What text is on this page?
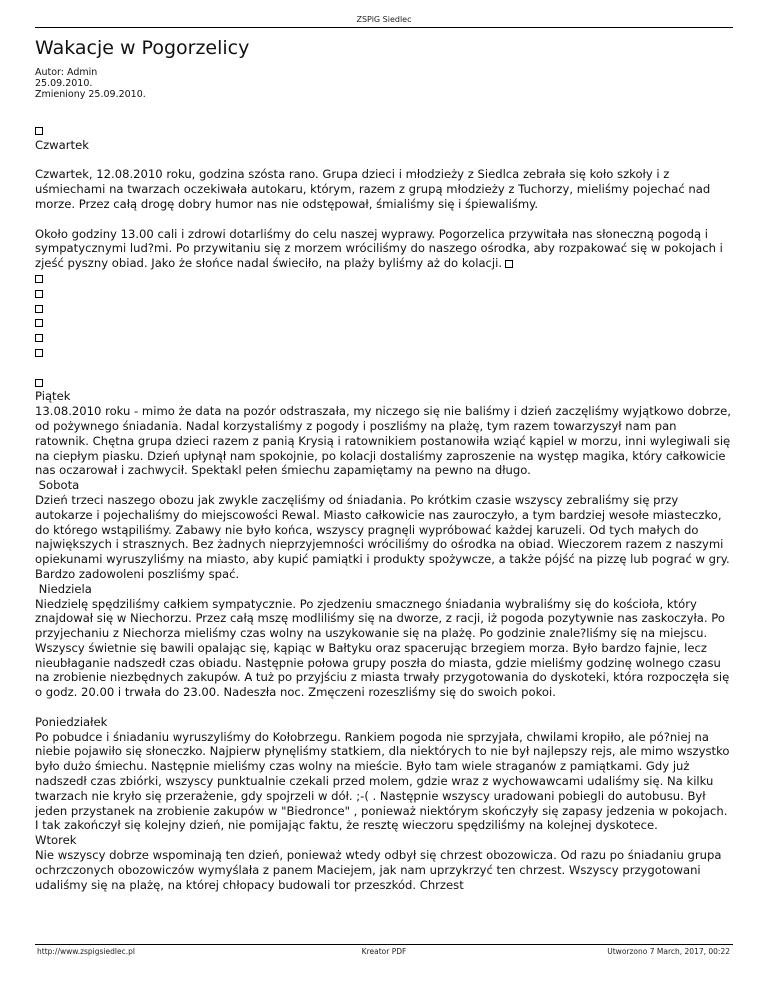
ZSPiG Siedlec
Wakacje w Pogorzelicy
Autor: Admin
25.09.2010.
Zmieniony 25.09.2010.
Czwartek

Czwartek, 12.08.2010 roku, godzina szósta rano. Grupa dzieci i młodzieży z Siedlca zebrała się koło szkoły i z uśmiechami na twarzach oczekiwała autokaru, którym, razem z grupą młodzieży z Tuchorzy, mieliśmy pojechać nad morze. Przez całą drogę dobry humor nas nie odstępował, śmialiśmy się i śpiewaliśmy.

Około godziny 13.00 cali i zdrowi dotarliśmy do celu naszej wyprawy. Pogorzelica przywitała nas słoneczną pogodą i sympatycznymi lud?mi. Po przywitaniu się z morzem wróciliśmy do naszego ośrodka, aby rozpakować się w pokojach i zjeść pyszny obiad. Jako że słońce nadal świeciło, na plaży byliśmy aż do kolacji.

Piątek

13.08.2010 roku - mimo że data na pozór odstraszała, my niczego się nie baliśmy i dzień zaczęliśmy wyjątkowo dobrze, od pożywnego śniadania. Nadal korzystaliśmy z pogody i poszliśmy na plażę, tym razem towarzyszył nam pan ratownik. Chętna grupa dzieci razem z panią Krysią i ratownikiem postanowiła wziąć kąpiel w morzu, inni wylegiwali się na ciepłym piasku. Dzień upłynął nam spokojnie, po kolacji dostaliśmy zaproszenie na występ magika, który całkowicie nas oczarował i zachwycił. Spektakl pełen śmiechu zapamiętamy na pewno na długo.

Sobota

Dzień trzeci naszego obozu jak zwykle zaczęliśmy od śniadania. Po krótkim czasie wszyscy zebraliśmy się przy autokarze i pojechaliśmy do miejscowości Rewal. Miasto całkowicie nas zauroczyło, a tym bardziej wesołe miasteczko, do którego wstąpiliśmy. Zabawy nie było końca, wszyscy pragnęli wypróbować każdej karuzeli. Od tych małych do największych i strasznych. Bez żadnych nieprzyjemności wróciliśmy do ośrodka na obiad. Wieczorem razem z naszymi opiekunami wyruszyliśmy na miasto, aby kupić pamiątki i produkty spożywcze, a także pójść na pizzę lub pograć w gry. Bardzo zadowoleni poszliśmy spać.

Niedziela

Niedzielę spędziliśmy całkiem sympatycznie. Po zjedzeniu smacznego śniadania wybraliśmy się do kościoła, który znajdował się w Niechorzu. Przez całą mszę modliliśmy się na dworze, z racji, iż pogoda pozytywnie nas zaskoczyła. Po przyjechaniu z Niechorza mieliśmy czas wolny na uszykowanie się na plażę. Po godzinie znale?liśmy się na miejscu. Wszyscy świetnie się bawili opalając się, kąpiąc w Bałtyku oraz spacerując brzegiem morza. Było bardzo fajnie, lecz nieubłaganie nadszedł czas obiadu. Następnie połowa grupy poszła do miasta, gdzie mieliśmy godzinę wolnego czasu na zrobienie niezbędnych zakupów. A tuż po przyjściu z miasta trwały przygotowania do dyskoteki, która rozpoczęła się o godz. 20.00 i trwała do 23.00. Nadeszła noc. Zmęczeni rozeszliśmy się do swoich pokoi.

Poniedziałek

Po pobudce i śniadaniu wyruszyliśmy do Kołobrzegu. Rankiem pogoda nie sprzyjała, chwilami kropiło, ale pó?niej na niebie pojawiło się słoneczko. Najpierw płynęliśmy statkiem, dla niektórych to nie był najlepszy rejs, ale mimo wszystko było dużo śmiechu. Następnie mieliśmy czas wolny na mieście. Było tam wiele straganów z pamiątkami. Gdy już nadszedł czas zbiórki, wszyscy punktualnie czekali przed molem, gdzie wraz z wychowawcami udaliśmy się. Na kilku twarzach nie kryło się przerażenie, gdy spojrzeli w dół. ;-( . Następnie wszyscy uradowani pobiegli do autobusu. Był jeden przystanek na zrobienie zakupów w "Biedronce" , ponieważ niektórym skończyły się zapasy jedzenia w pokojach. I tak zakończył się kolejny dzień, nie pomijając faktu, że resztę wieczoru spędziliśmy na kolejnej dyskotece.

Wtorek

Nie wszyscy dobrze wspominają ten dzień, ponieważ wtedy odbył się chrzest obozowicza. Od razu po śniadaniu grupa ochrzczonych obozowiczów wymyślała z panem Maciejem, jak nam uprzykrzyć ten chrzest. Wszyscy przygotowani udaliśmy się na plażę, na której chłopacy budowali tor przeszkód. Chrzest

http://www.zspigsiedlec.pl	Kreator PDF	Utworzono 7 March, 2017, 00:22
